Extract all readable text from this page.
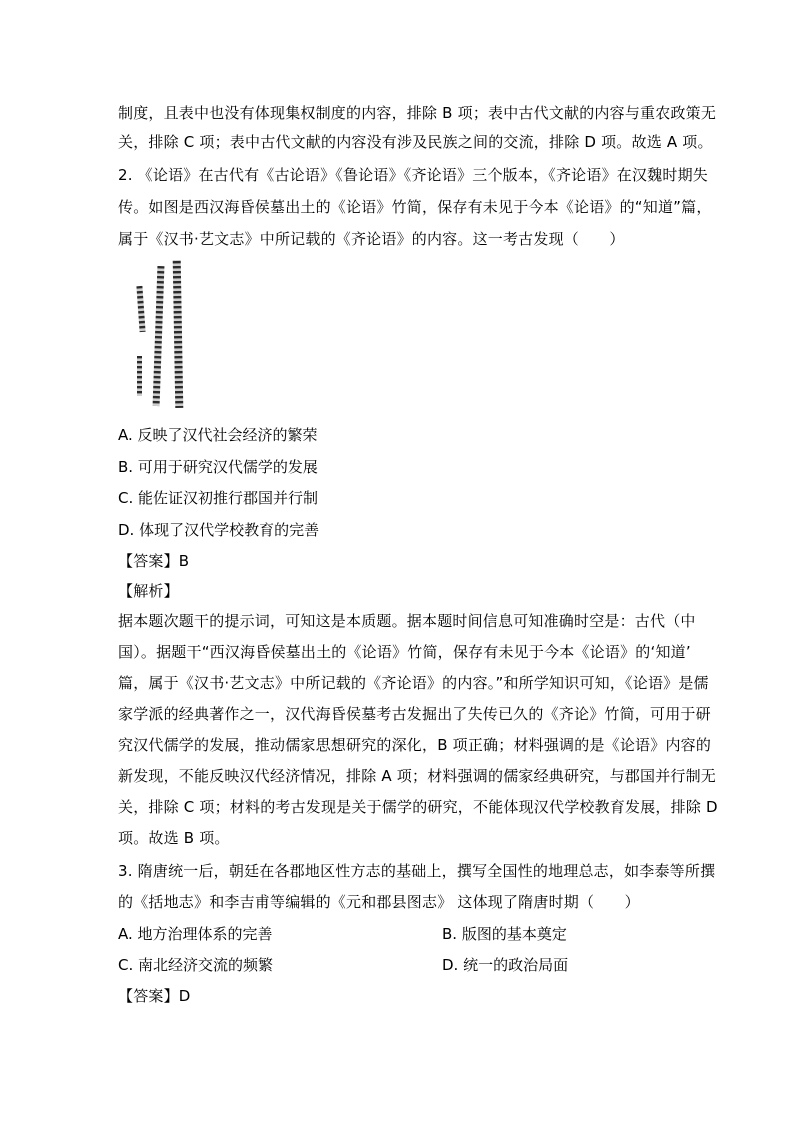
制度，且表中也没有体现集权制度的内容，排除 B 项；表中古代文献的内容与重农政策无
关，排除 C 项；表中古代文献的内容没有涉及民族之间的交流，排除 D 项。故选 A 项。
2. 《论语》在古代有《古论语》《鲁论语》《齐论语》三个版本，《齐论语》在汉魏时期失
传。如图是西汉海昏侯墓出土的《论语》竹简，保存有未见于今本《论语》的“知道”篇，
属于《汉书·艺文志》中所记载的《齐论语》的内容。这一考古发现（　　）
A. 反映了汉代社会经济的繁荣
B. 可用于研究汉代儒学的发展
C. 能佐证汉初推行郡国并行制
D. 体现了汉代学校教育的完善
【答案】B
【解析】
据本题次题干的提示词，可知这是本质题。据本题时间信息可知准确时空是：古代（中
国）。据题干“西汉海昏侯墓出土的《论语》竹简，保存有未见于今本《论语》的‘知道’
篇，属于《汉书·艺文志》中所记载的《齐论语》的内容。”和所学知识可知，《论语》是儒
家学派的经典著作之一，汉代海昏侯墓考古发掘出了失传已久的《齐论》竹简，可用于研
究汉代儒学的发展，推动儒家思想研究的深化，B 项正确；材料强调的是《论语》内容的
新发现，不能反映汉代经济情况，排除 A 项；材料强调的儒家经典研究，与郡国并行制无
关，排除 C 项；材料的考古发现是关于儒学的研究，不能体现汉代学校教育发展，排除 D
项。故选 B 项。
3. 隋唐统一后，朝廷在各郡地区性方志的基础上，撰写全国性的地理总志，如李泰等所撰
的《括地志》和李吉甫等编辑的《元和郡县图志》 这体现了隋唐时期（　　）
A. 地方治理体系的完善	B. 版图的基本奠定
C. 南北经济交流的频繁	D. 统一的政治局面
【答案】D
